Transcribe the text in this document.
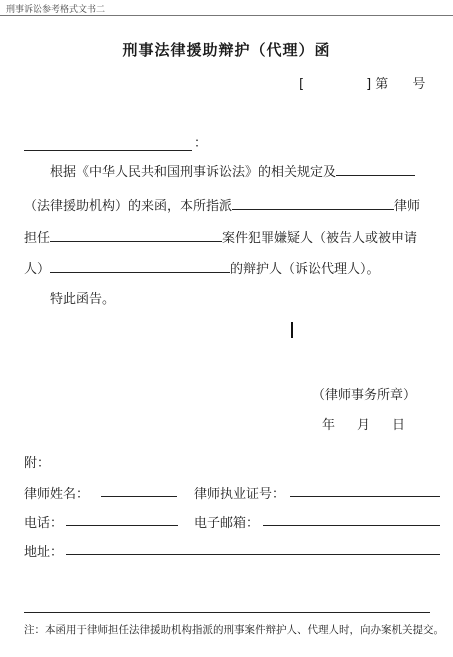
刑事诉讼参考格式文书二
刑事法律援助辩护（代理）函
[	] 第 号
：
根据《中华人民共和国刑事诉讼法》的相关规定及
（法律援助机构）的来函，本所指派	律师
担任	案件犯罪嫌疑人（被告人或被申请
人）	的辩护人（诉讼代理人）。
特此函告。
（律师事务所章）
年 月 日
附：
律师姓名：	律师执业证号：
电话：	电子邮箱：
地址：
注：本函用于律师担任法律援助机构指派的刑事案件辩护人、代理人时，向办案机关提交。
